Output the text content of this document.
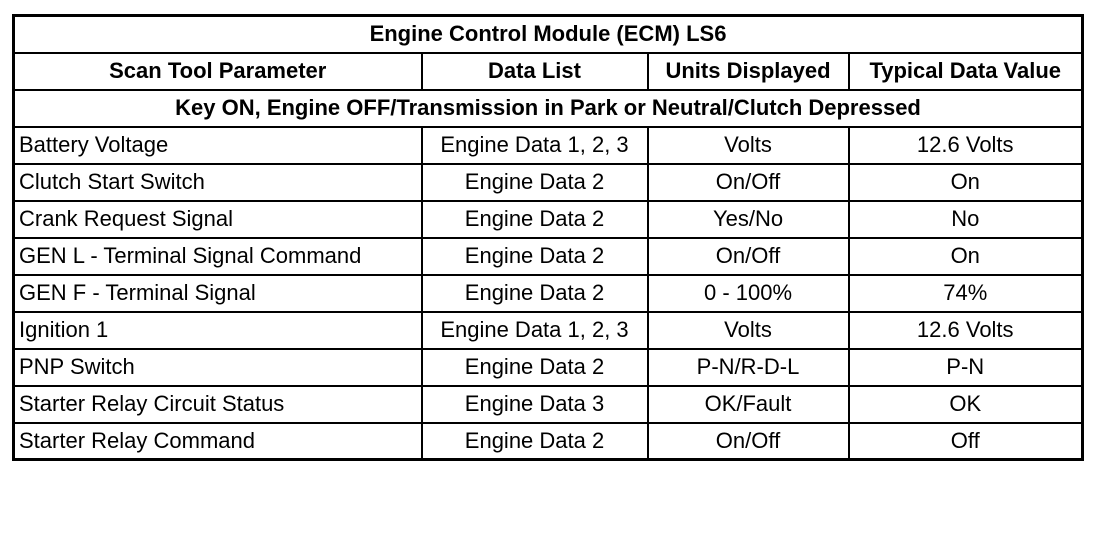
Engine Control Module (ECM) LS6			
Scan Tool Parameter	Data List	Units Displayed	Typical Data Value
Key ON, Engine OFF/Transmission in Park or Neutral/Clutch Depressed			
Battery Voltage	Engine Data 1, 2, 3	Volts	12.6 Volts
Clutch Start Switch	Engine Data 2	On/Off	On
Crank Request Signal	Engine Data 2	Yes/No	No
GEN L - Terminal Signal Command	Engine Data 2	On/Off	On
GEN F - Terminal Signal	Engine Data 2	0 - 100%	74%
Ignition 1	Engine Data 1, 2, 3	Volts	12.6 Volts
PNP Switch	Engine Data 2	P-N/R-D-L	P-N
Starter Relay Circuit Status	Engine Data 3	OK/Fault	OK
Starter Relay Command	Engine Data 2	On/Off	Off
